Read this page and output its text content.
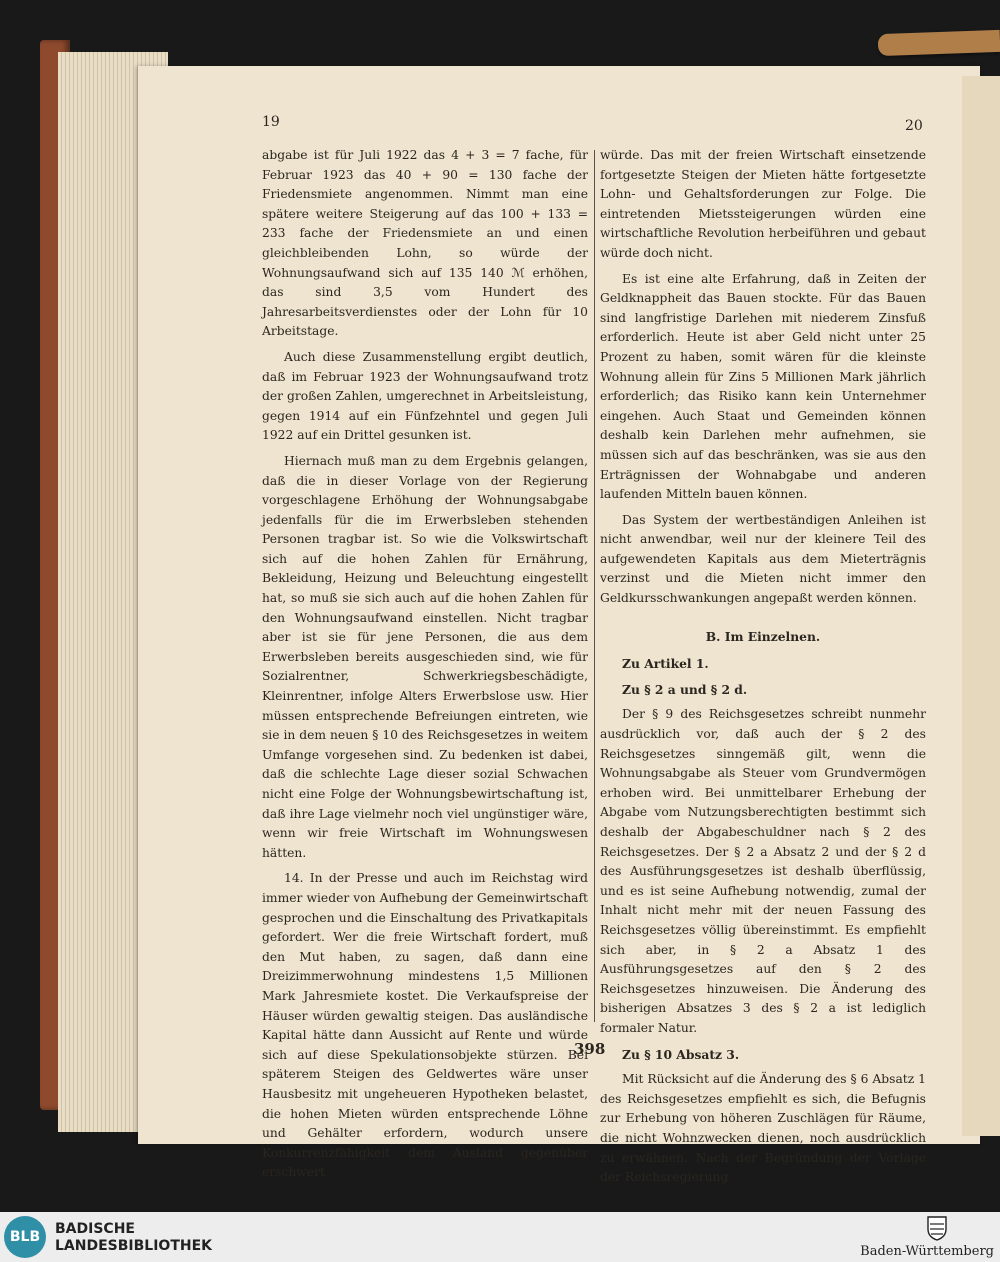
19	20

abgabe ist für Juli 1922 das 4 + 3 = 7 fache, für Februar 1923 das 40 + 90 = 130 fache der Friedensmiete angenommen. Nimmt man eine spätere weitere Steigerung auf das 100 + 133 = 233 fache der Friedensmiete an und einen gleichbleibenden Lohn, so würde der Wohnungsaufwand sich auf 135 140 ℳ erhöhen, das sind 3,5 vom Hundert des Jahresarbeitsverdienstes oder der Lohn für 10 Arbeitstage.

Auch diese Zusammenstellung ergibt deutlich, daß im Februar 1923 der Wohnungsaufwand trotz der großen Zahlen, umgerechnet in Arbeitsleistung, gegen 1914 auf ein Fünfzehntel und gegen Juli 1922 auf ein Drittel gesunken ist.

Hiernach muß man zu dem Ergebnis gelangen, daß die in dieser Vorlage von der Regierung vorgeschlagene Erhöhung der Wohnungsabgabe jedenfalls für die im Erwerbsleben stehenden Personen tragbar ist. So wie die Volkswirtschaft sich auf die hohen Zahlen für Ernährung, Bekleidung, Heizung und Beleuchtung eingestellt hat, so muß sie sich auch auf die hohen Zahlen für den Wohnungsaufwand einstellen. Nicht tragbar aber ist sie für jene Personen, die aus dem Erwerbsleben bereits ausgeschieden sind, wie für Sozialrentner, Schwerkriegsbeschädigte, Kleinrentner, infolge Alters Erwerbslose usw. Hier müssen entsprechende Befreiungen eintreten, wie sie in dem neuen § 10 des Reichsgesetzes in weitem Umfange vorgesehen sind. Zu bedenken ist dabei, daß die schlechte Lage dieser sozial Schwachen nicht eine Folge der Wohnungsbewirtschaftung ist, daß ihre Lage vielmehr noch viel ungünstiger wäre, wenn wir freie Wirtschaft im Wohnungswesen hätten.

14. In der Presse und auch im Reichstag wird immer wieder von Aufhebung der Gemeinwirtschaft gesprochen und die Einschaltung des Privatkapitals gefordert. Wer die freie Wirtschaft fordert, muß den Mut haben, zu sagen, daß dann eine Dreizimmerwohnung mindestens 1,5 Millionen Mark Jahresmiete kostet. Die Verkaufspreise der Häuser würden gewaltig steigen. Das ausländische Kapital hätte dann Aussicht auf Rente und würde sich auf diese Spekulationsobjekte stürzen. Bei späterem Steigen des Geldwertes wäre unser Hausbesitz mit ungeheueren Hypotheken belastet, die hohen Mieten würden entsprechende Löhne und Gehälter erfordern, wodurch unsere Konkurrenzfähigkeit dem Ausland gegenüber erschwert

würde. Das mit der freien Wirtschaft einsetzende fortgesetzte Steigen der Mieten hätte fortgesetzte Lohn- und Gehaltsforderungen zur Folge. Die eintretenden Mietssteigerungen würden eine wirtschaftliche Revolution herbeiführen und gebaut würde doch nicht.

Es ist eine alte Erfahrung, daß in Zeiten der Geldknappheit das Bauen stockte. Für das Bauen sind langfristige Darlehen mit niederem Zinsfuß erforderlich. Heute ist aber Geld nicht unter 25 Prozent zu haben, somit wären für die kleinste Wohnung allein für Zins 5 Millionen Mark jährlich erforderlich; das Risiko kann kein Unternehmer eingehen. Auch Staat und Gemeinden können deshalb kein Darlehen mehr aufnehmen, sie müssen sich auf das beschränken, was sie aus den Erträgnissen der Wohnabgabe und anderen laufenden Mitteln bauen können.

Das System der wertbeständigen Anleihen ist nicht anwendbar, weil nur der kleinere Teil des aufgewendeten Kapitals aus dem Mieterträgnis verzinst und die Mieten nicht immer den Geldkursschwankungen angepaßt werden können.

B. Im Einzelnen.

Zu Artikel 1.

Zu § 2 a und § 2 d.

Der § 9 des Reichsgesetzes schreibt nunmehr ausdrücklich vor, daß auch der § 2 des Reichsgesetzes sinngemäß gilt, wenn die Wohnungsabgabe als Steuer vom Grundvermögen erhoben wird. Bei unmittelbarer Erhebung der Abgabe vom Nutzungsberechtigten bestimmt sich deshalb der Abgabeschuldner nach § 2 des Reichsgesetzes. Der § 2 a Absatz 2 und der § 2 d des Ausführungsgesetzes ist deshalb überflüssig, und es ist seine Aufhebung notwendig, zumal der Inhalt nicht mehr mit der neuen Fassung des Reichsgesetzes völlig übereinstimmt. Es empfiehlt sich aber, in § 2 a Absatz 1 des Ausführungsgesetzes auf den § 2 des Reichsgesetzes hinzuweisen. Die Änderung des bisherigen Absatzes 3 des § 2 a ist lediglich formaler Natur.

Zu § 10 Absatz 3.

Mit Rücksicht auf die Änderung des § 6 Absatz 1 des Reichsgesetzes empfiehlt es sich, die Befugnis zur Erhebung von höheren Zuschlägen für Räume, die nicht Wohnzwecken dienen, noch ausdrücklich zu erwähnen. Nach der Begründung der Vorlage der Reichsregierung

398
BLB	BADISCHE
LANDESBIBLIOTHEK	Baden-Württemberg
